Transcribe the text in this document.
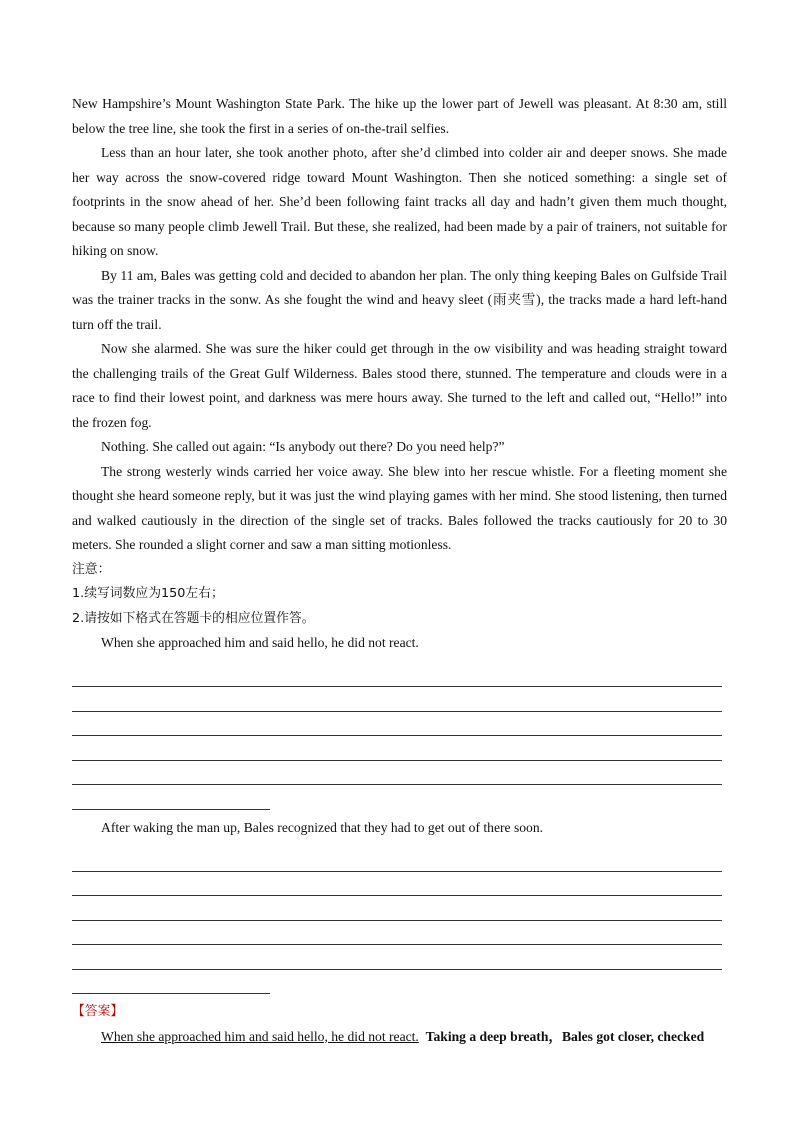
New Hampshire’s Mount Washington State Park. The hike up the lower part of Jewell was pleasant. At 8:30 am, still below the tree line, she took the first in a series of on-the-trail selfies.

Less than an hour later, she took another photo, after she’d climbed into colder air and deeper snows. She made her way across the snow-covered ridge toward Mount Washington. Then she noticed something: a single set of footprints in the snow ahead of her. She’d been following faint tracks all day and hadn’t given them much thought, because so many people climb Jewell Trail. But these, she realized, had been made by a pair of trainers, not suitable for hiking on snow.

By 11 am, Bales was getting cold and decided to abandon her plan. The only thing keeping Bales on Gulfside Trail was the trainer tracks in the sonw. As she fought the wind and heavy sleet (雨夹雪), the tracks made a hard left-hand turn off the trail.

Now she alarmed. She was sure the hiker could get through in the ow visibility and was heading straight toward the challenging trails of the Great Gulf Wilderness. Bales stood there, stunned. The temperature and clouds were in a race to find their lowest point, and darkness was mere hours away. She turned to the left and called out, “Hello!” into the frozen fog.

Nothing. She called out again: “Is anybody out there? Do you need help?”

The strong westerly winds carried her voice away. She blew into her rescue whistle. For a fleeting moment she thought she heard someone reply, but it was just the wind playing games with her mind. She stood listening, then turned and walked cautiously in the direction of the single set of tracks. Bales followed the tracks cautiously for 20 to 30 meters. She rounded a slight corner and saw a man sitting motionless.

注意：

1.续写词数应为150左右；

2.请按如下格式在答题卡的相应位置作答。

When she approached him and said hello, he did not react.

After waking the man up, Bales recognized that they had to get out of there soon.

【答案】

When she approached him and said hello, he did not react. Taking a deep breath，Bales got closer, checked
